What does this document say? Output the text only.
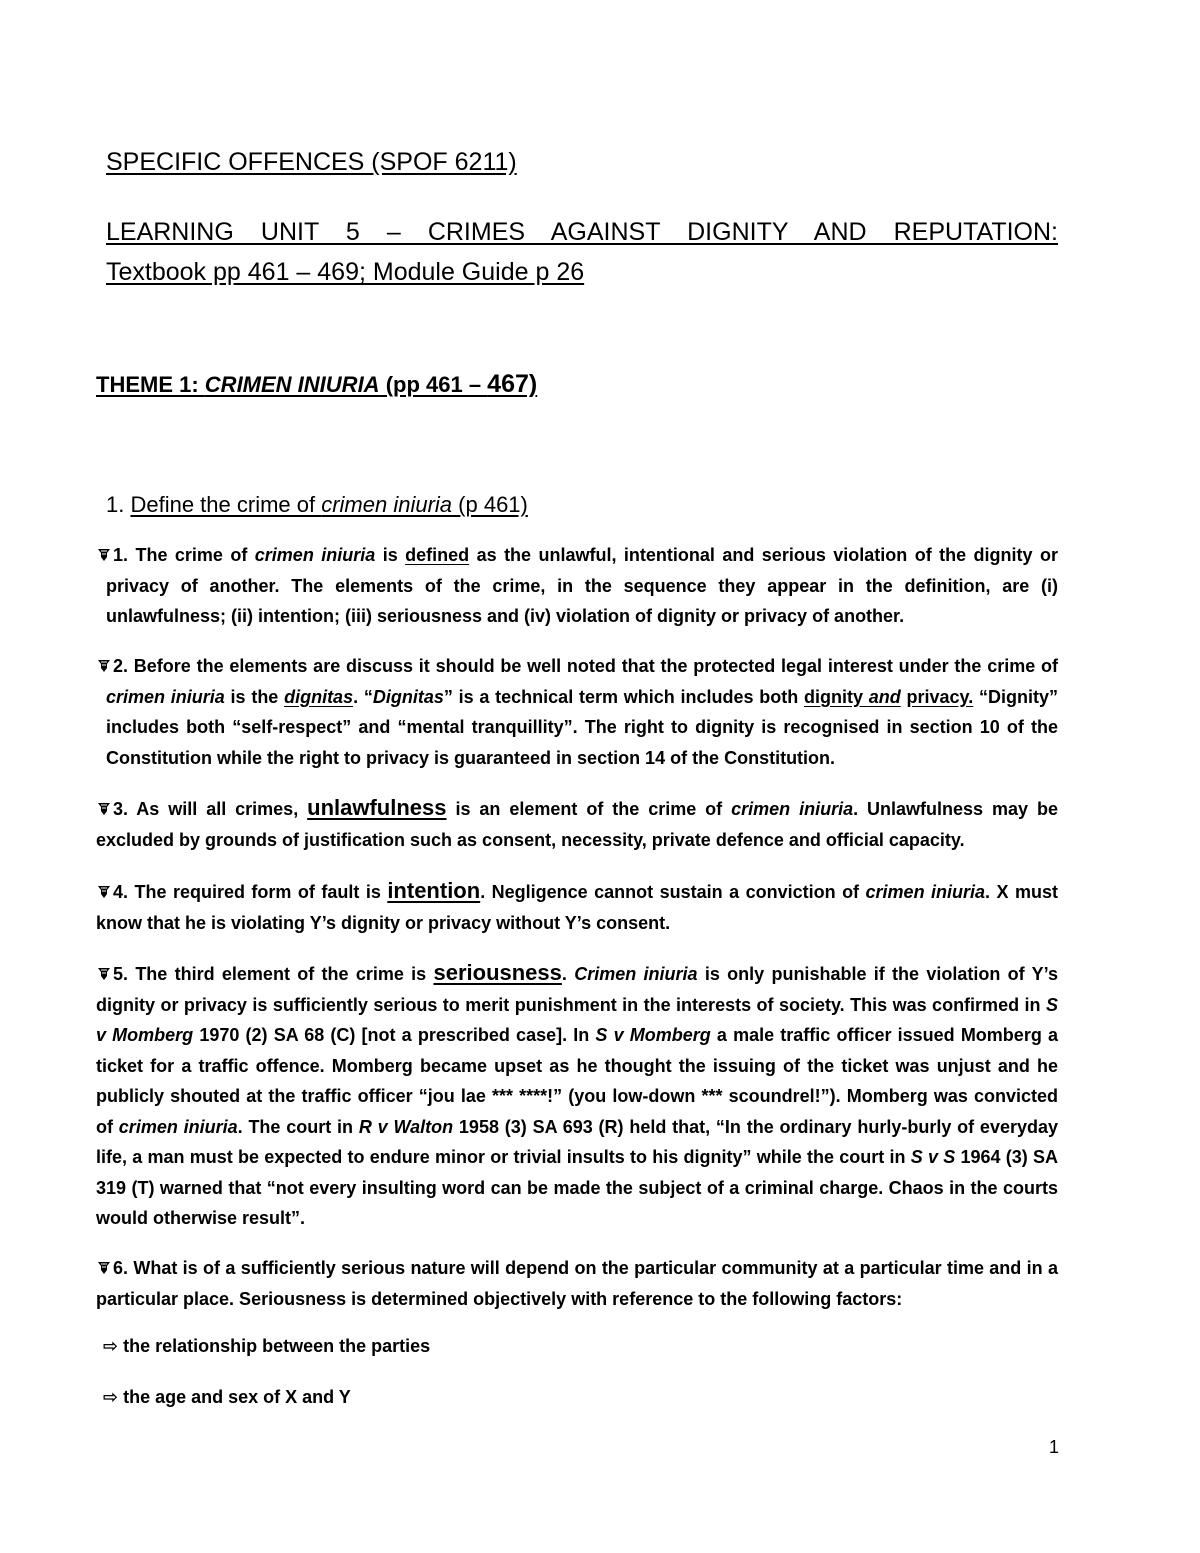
SPECIFIC OFFENCES (SPOF 6211)
LEARNING UNIT 5 – CRIMES AGAINST DIGNITY AND REPUTATION:
Textbook pp 461 – 469; Module Guide p 26
THEME 1: CRIMEN INIURIA (pp 461 – 467)
1. Define the crime of crimen iniuria (p 461)
1. The crime of crimen iniuria is defined as the unlawful, intentional and serious violation of the dignity or privacy of another. The elements of the crime, in the sequence they appear in the definition, are (i) unlawfulness; (ii) intention; (iii) seriousness and (iv) violation of dignity or privacy of another.
2. Before the elements are discuss it should be well noted that the protected legal interest under the crime of crimen iniuria is the dignitas. “Dignitas” is a technical term which includes both dignity and privacy. “Dignity” includes both “self-respect” and “mental tranquillity”. The right to dignity is recognised in section 10 of the Constitution while the right to privacy is guaranteed in section 14 of the Constitution.
3. As will all crimes, unlawfulness is an element of the crime of crimen iniuria. Unlawfulness may be excluded by grounds of justification such as consent, necessity, private defence and official capacity.
4. The required form of fault is intention. Negligence cannot sustain a conviction of crimen iniuria. X must know that he is violating Y’s dignity or privacy without Y’s consent.
5. The third element of the crime is seriousness. Crimen iniuria is only punishable if the violation of Y’s dignity or privacy is sufficiently serious to merit punishment in the interests of society. This was confirmed in S v Momberg 1970 (2) SA 68 (C) [not a prescribed case]. In S v Momberg a male traffic officer issued Momberg a ticket for a traffic offence. Momberg became upset as he thought the issuing of the ticket was unjust and he publicly shouted at the traffic officer “jou lae *** ****!” (you low-down *** scoundrel!”). Momberg was convicted of crimen iniuria. The court in R v Walton 1958 (3) SA 693 (R) held that, “In the ordinary hurly-burly of everyday life, a man must be expected to endure minor or trivial insults to his dignity” while the court in S v S 1964 (3) SA 319 (T) warned that “not every insulting word can be made the subject of a criminal charge. Chaos in the courts would otherwise result”.
6. What is of a sufficiently serious nature will depend on the particular community at a particular time and in a particular place. Seriousness is determined objectively with reference to the following factors:
⇨ the relationship between the parties
⇨ the age and sex of X and Y
1
